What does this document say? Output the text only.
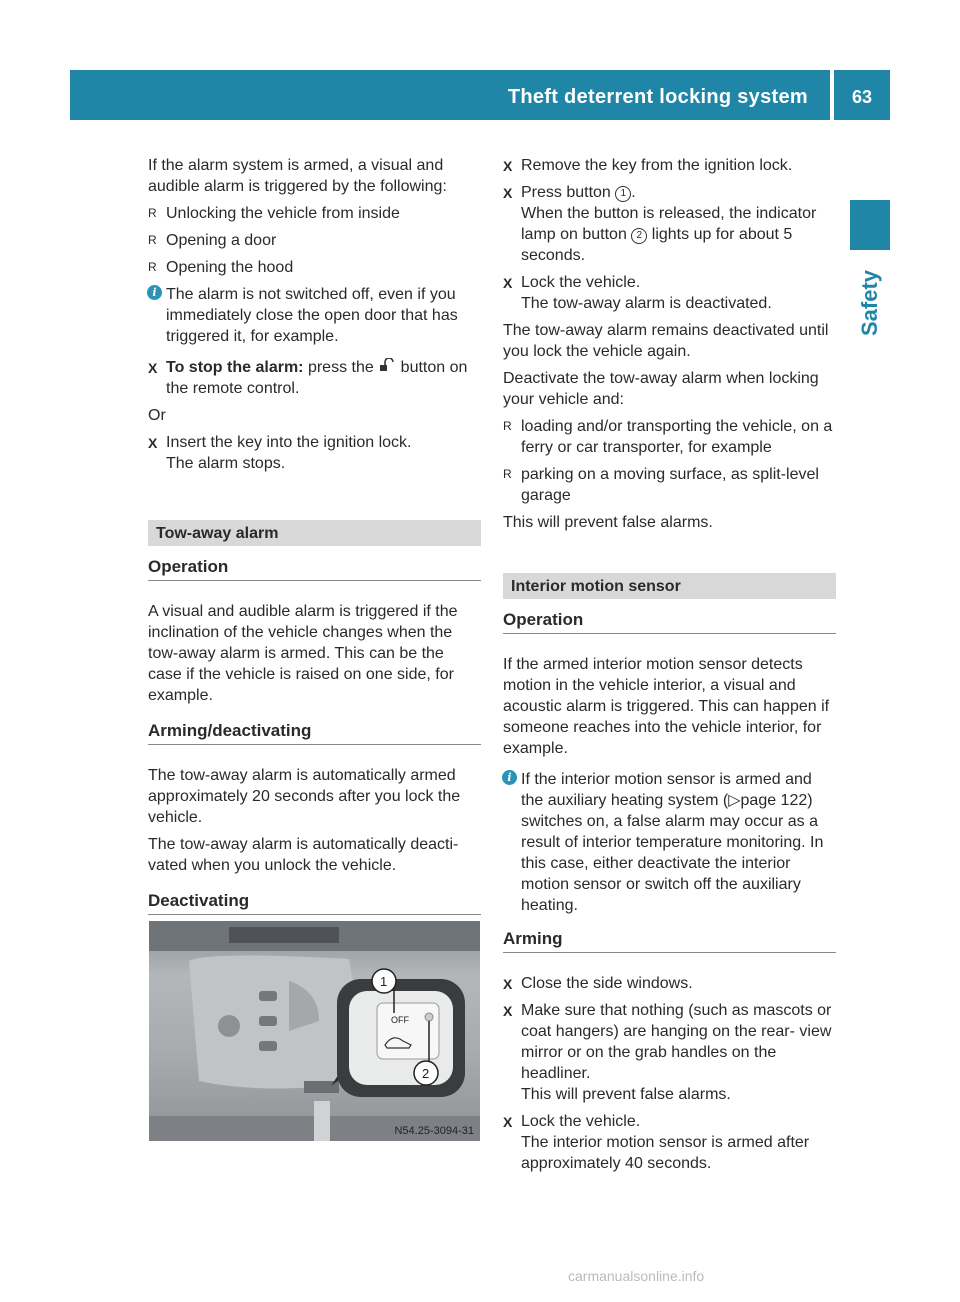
Theft deterrent locking system	63
Safety

If the alarm system is armed, a visual and audible alarm is triggered by the following:

R Unlocking the vehicle from inside
R Opening a door
R Opening the hood
i The alarm is not switched off, even if you immediately close the open door that has triggered it, for example.
X To stop the alarm: press the button on the remote control.

Or

X Insert the key into the ignition lock.
The alarm stops.
Tow-away alarm
Operation

A visual and audible alarm is triggered if the inclination of the vehicle changes when the tow-away alarm is armed. This can be the case if the vehicle is raised on one side, for example.

Arming/deactivating

The tow-away alarm is automatically armed approximately 20 seconds after you lock the vehicle.

The tow-away alarm is automatically deacti- vated when you unlock the vehicle.

Deactivating
OFF
1
2
N54.25-3094-31
X Remove the key from the ignition lock.
X Press button 1 .
When the button is released, the indicator lamp on button 2 lights up for about 5 seconds.
X Lock the vehicle.
The tow-away alarm is deactivated.

The tow-away alarm remains deactivated until you lock the vehicle again.

Deactivate the tow-away alarm when locking your vehicle and:

R loading and/or transporting the vehicle, on a ferry or car transporter, for example
R parking on a moving surface, as split-level garage

This will prevent false alarms.

Interior motion sensor
Operation

If the armed interior motion sensor detects motion in the vehicle interior, a visual and acoustic alarm is triggered. This can happen if someone reaches into the vehicle interior, for example.

i If the interior motion sensor is armed and the auxiliary heating system (▷page 122) switches on, a false alarm may occur as a result of interior temperature monitoring. In this case, either deactivate the interior motion sensor or switch off the auxiliary heating.
Arming
X Close the side windows.
X Make sure that nothing (such as mascots or coat hangers) are hanging on the rear- view mirror or on the grab handles on the headliner.
This will prevent false alarms.
X Lock the vehicle.
The interior motion sensor is armed after approximately 40 seconds.
carmanualsonline.info
